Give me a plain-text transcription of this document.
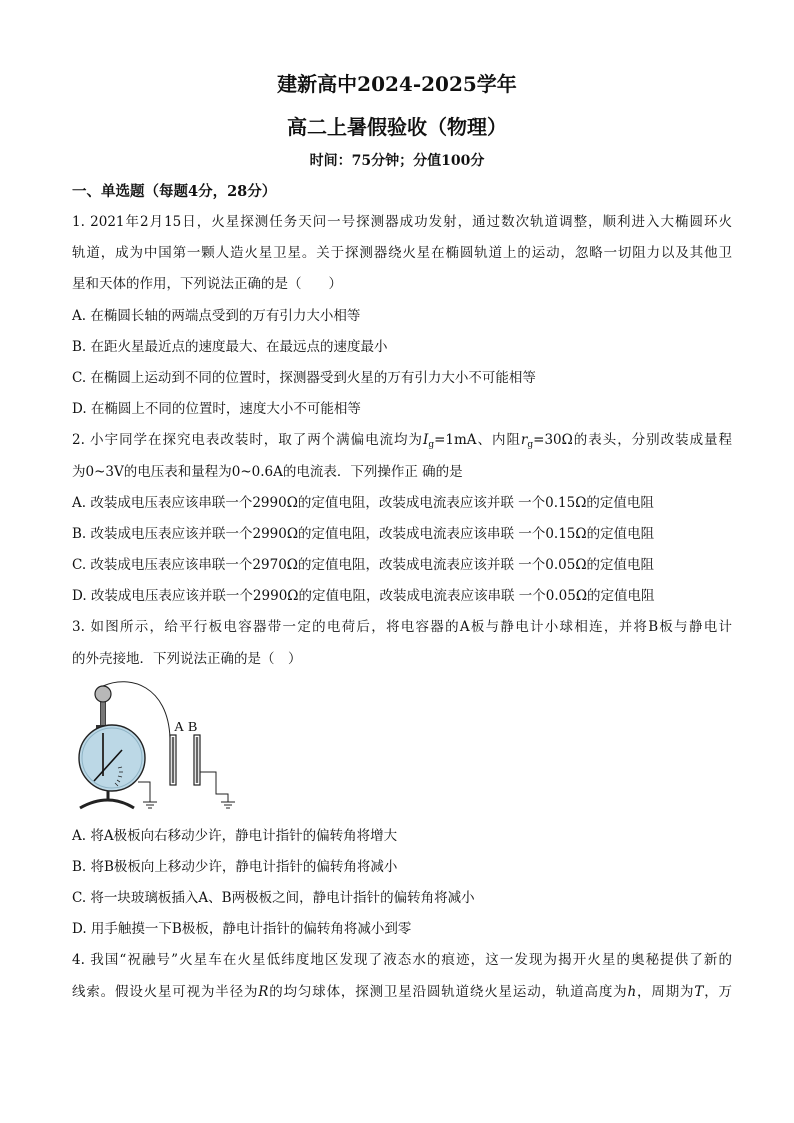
建新高中2024-2025学年
高二上暑假验收（物理）
时间：75分钟；分值100分
一、单选题（每题4分，28分）
1. 2021年2月15日，火星探测任务天问一号探测器成功发射，通过数次轨道调整，顺利进入大椭圆环火
轨道，成为中国第一颗人造火星卫星。关于探测器绕火星在椭圆轨道上的运动，忽略一切阻力以及其他卫
星和天体的作用，下列说法正确的是（　　）
A. 在椭圆长轴的两端点受到的万有引力大小相等
B. 在距火星最近点的速度最大、在最远点的速度最小
C. 在椭圆上运动到不同的位置时，探测器受到火星的万有引力大小不可能相等
D. 在椭圆上不同的位置时，速度大小不可能相等
2. 小宇同学在探究电表改装时，取了两个满偏电流均为$I_g=1mA$、内阻$r_g=30\Omega$的表头，分别改装成量程
为0~3V的电压表和量程为0~0.6A的电流表．下列操作正 确的是
A. 改装成电压表应该串联一个2990Ω的定值电阻，改装成电流表应该并联 一个0.15Ω的定值电阻
B. 改装成电压表应该并联一个2990Ω的定值电阻，改装成电流表应该串联 一个0.15Ω的定值电阻
C. 改装成电压表应该串联一个2970Ω的定值电阻，改装成电流表应该并联 一个0.05Ω的定值电阻
D. 改装成电压表应该并联一个2990Ω的定值电阻，改装成电流表应该串联 一个0.05Ω的定值电阻
3. 如图所示，给平行板电容器带一定的电荷后，将电容器的A板与静电计小球相连，并将B板与静电计
的外壳接地．下列说法正确的是（　）
A B
A. 将A极板向右移动少许，静电计指针的偏转角将增大
B. 将B极板向上移动少许，静电计指针的偏转角将减小
C. 将一块玻璃板插入A、B两极板之间，静电计指针的偏转角将减小
D. 用手触摸一下B极板，静电计指针的偏转角将减小到零
4. 我国“祝融号”火星车在火星低纬度地区发现了液态水的痕迹，这一发现为揭开火星的奥秘提供了新的
线索。假设火星可视为半径为R的均匀球体，探测卫星沿圆轨道绕火星运动，轨道高度为h，周期为T，万
